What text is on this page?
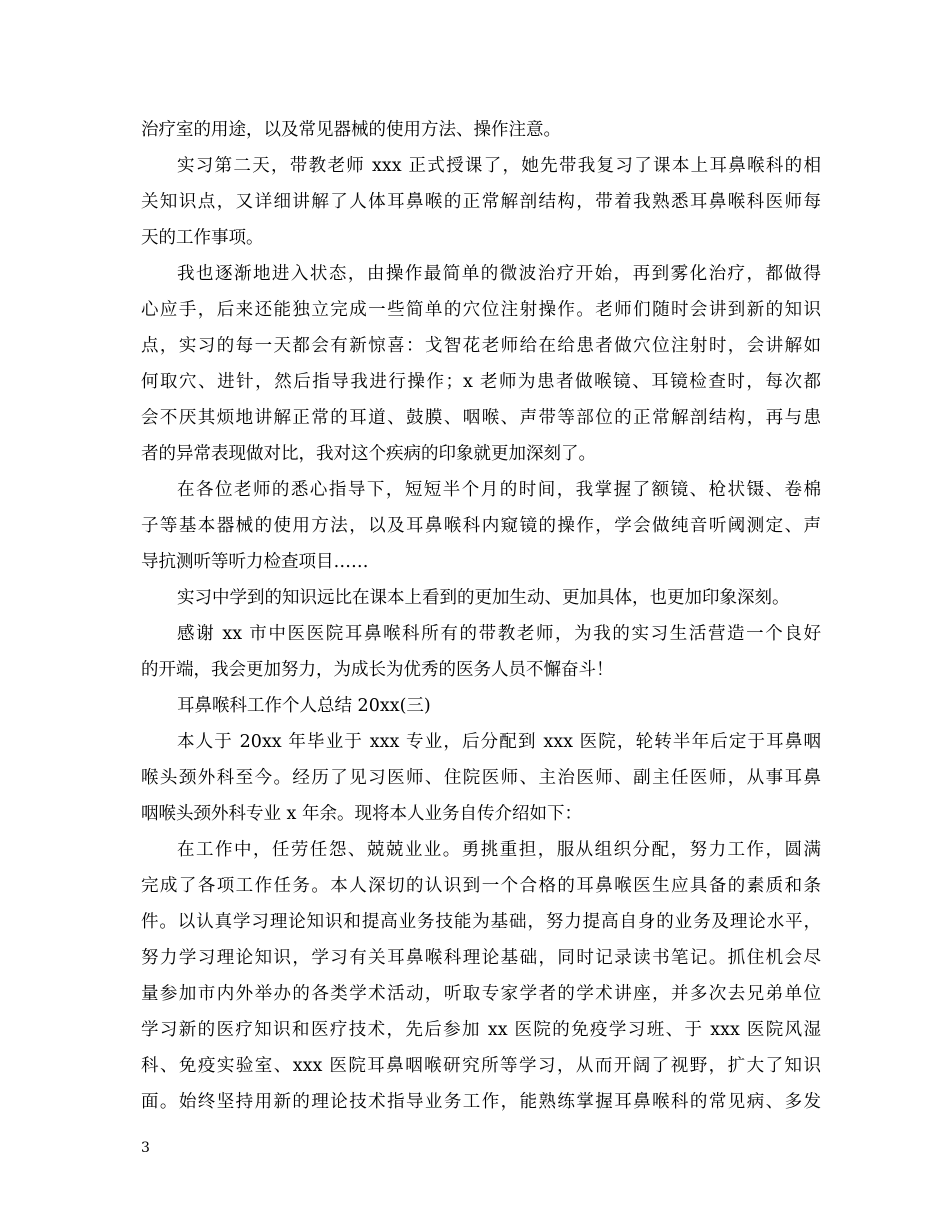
治疗室的用途，以及常见器械的使用方法、操作注意。
实习第二天，带教老师 xxx 正式授课了，她先带我复习了课本上耳鼻喉科的相
关知识点，又详细讲解了人体耳鼻喉的正常解剖结构，带着我熟悉耳鼻喉科医师每
天的工作事项。
我也逐渐地进入状态，由操作最简单的微波治疗开始，再到雾化治疗，都做得
心应手，后来还能独立完成一些简单的穴位注射操作。老师们随时会讲到新的知识
点，实习的每一天都会有新惊喜：戈智花老师给在给患者做穴位注射时，会讲解如
何取穴、进针，然后指导我进行操作；x 老师为患者做喉镜、耳镜检查时，每次都
会不厌其烦地讲解正常的耳道、鼓膜、咽喉、声带等部位的正常解剖结构，再与患
者的异常表现做对比，我对这个疾病的印象就更加深刻了。
在各位老师的悉心指导下，短短半个月的时间，我掌握了额镜、枪状镊、卷棉
子等基本器械的使用方法，以及耳鼻喉科内窥镜的操作，学会做纯音听阈测定、声
导抗测听等听力检查项目……
实习中学到的知识远比在课本上看到的更加生动、更加具体，也更加印象深刻。
感谢 xx 市中医医院耳鼻喉科所有的带教老师，为我的实习生活营造一个良好
的开端，我会更加努力，为成长为优秀的医务人员不懈奋斗！
耳鼻喉科工作个人总结 20xx(三)
本人于 20xx 年毕业于 xxx 专业，后分配到 xxx 医院，轮转半年后定于耳鼻咽
喉头颈外科至今。经历了见习医师、住院医师、主治医师、副主任医师，从事耳鼻
咽喉头颈外科专业 x 年余。现将本人业务自传介绍如下：
在工作中，任劳任怨、兢兢业业。勇挑重担，服从组织分配，努力工作，圆满
完成了各项工作任务。本人深切的认识到一个合格的耳鼻喉医生应具备的素质和条
件。以认真学习理论知识和提高业务技能为基础，努力提高自身的业务及理论水平，
努力学习理论知识，学习有关耳鼻喉科理论基础，同时记录读书笔记。抓住机会尽
量参加市内外举办的各类学术活动，听取专家学者的学术讲座，并多次去兄弟单位
学习新的医疗知识和医疗技术，先后参加 xx 医院的免疫学习班、于 xxx 医院风湿
科、免疫实验室、xxx 医院耳鼻咽喉研究所等学习，从而开阔了视野，扩大了知识
面。始终坚持用新的理论技术指导业务工作，能熟练掌握耳鼻喉科的常见病、多发
3
